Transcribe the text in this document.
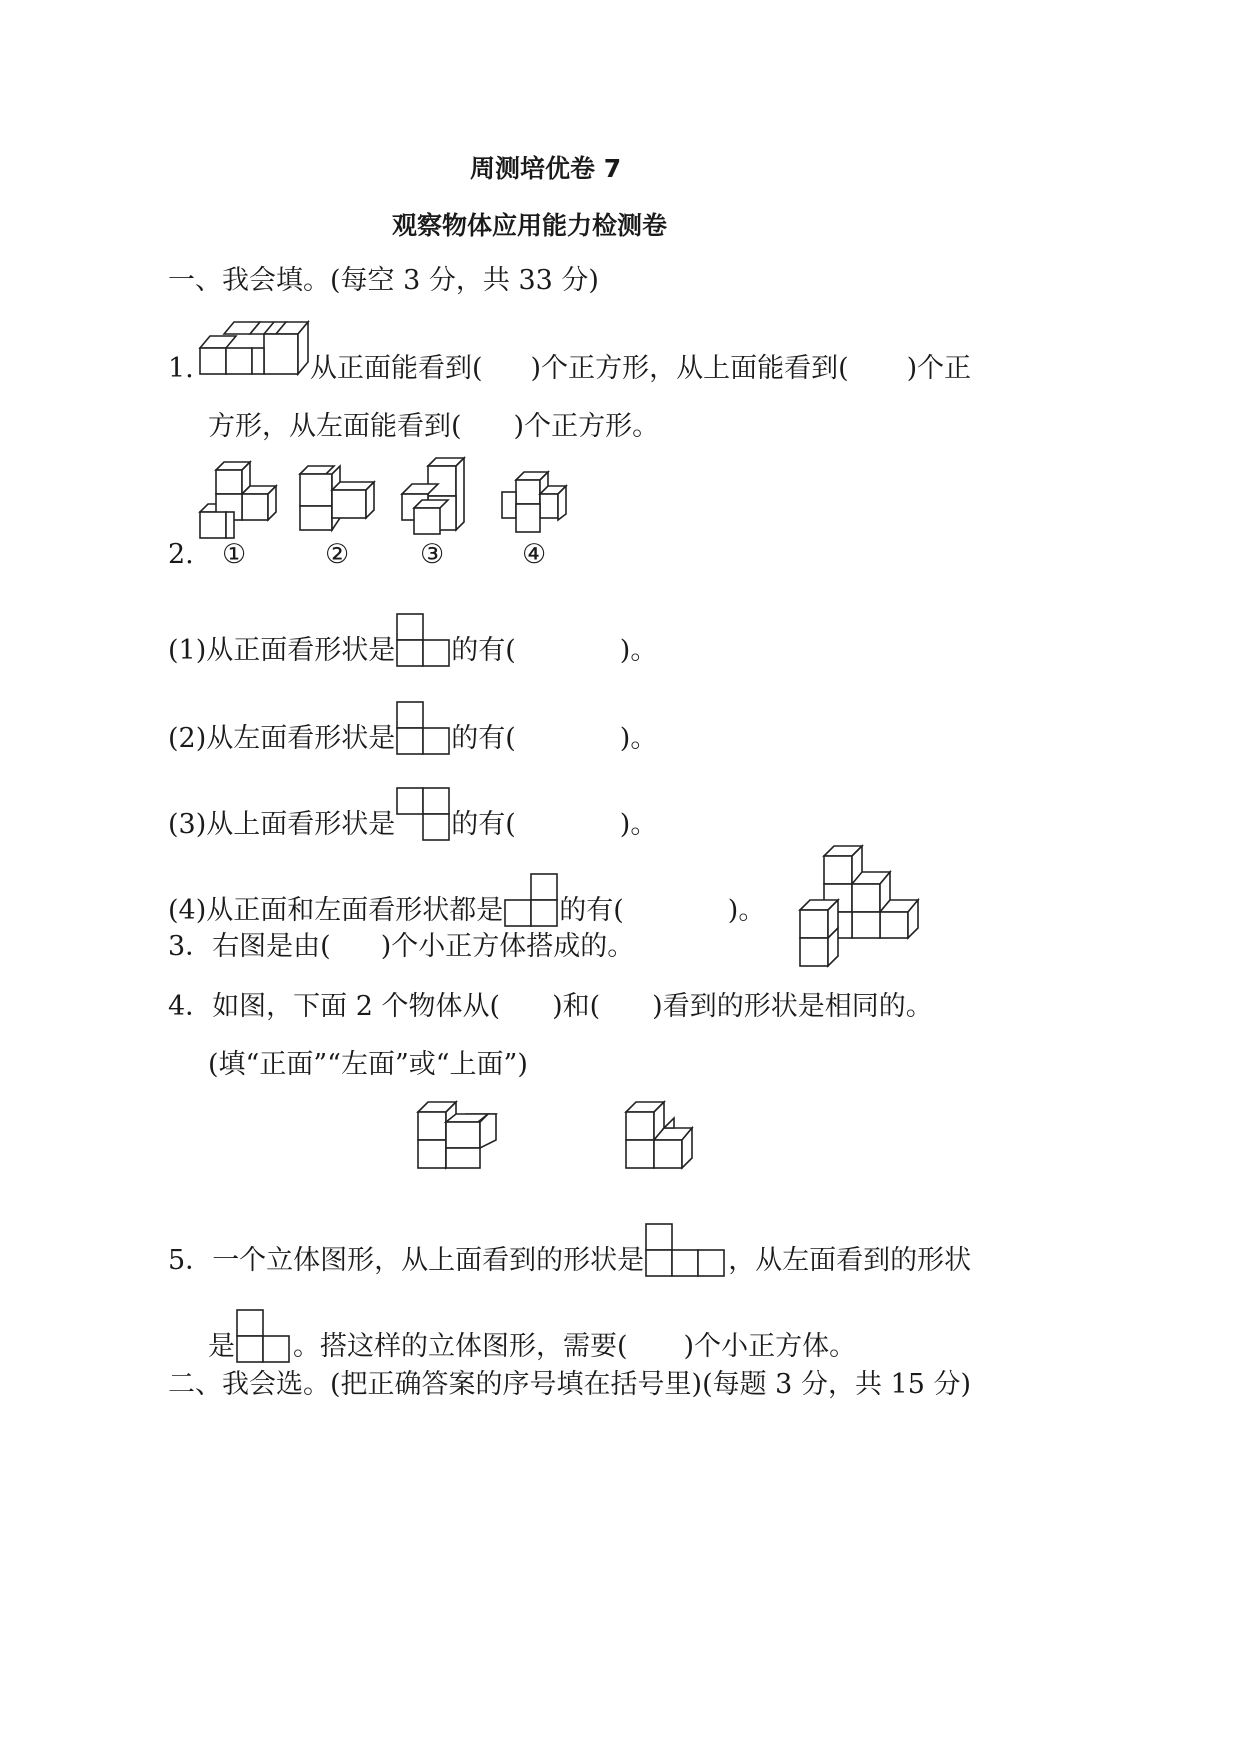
周测培优卷 7
观察物体应用能力检测卷
一、我会填。(每空 3 分，共 33 分)
1.	从正面能看到( )个正方形，从上面能看到( )个正
方形，从左面能看到( )个正方形。
2. ①	②	③	④
(1)从正面看形状是 的有(	)。
(2)从左面看形状是 的有(	)。
(3)从上面看形状是 的有(	)。
(4)从正面和左面看形状都是 的有(	)。
3．右图是由( )个小正方体搭成的。
4．如图，下面 2 个物体从( )和( )看到的形状是相同的。
(填“正面”“左面”或“上面”)
5．一个立体图形，从上面看到的形状是	，从左面看到的形状
是 。搭这样的立体图形，需要( )个小正方体。
二、我会选。(把正确答案的序号填在括号里)(每题 3 分，共 15 分)
